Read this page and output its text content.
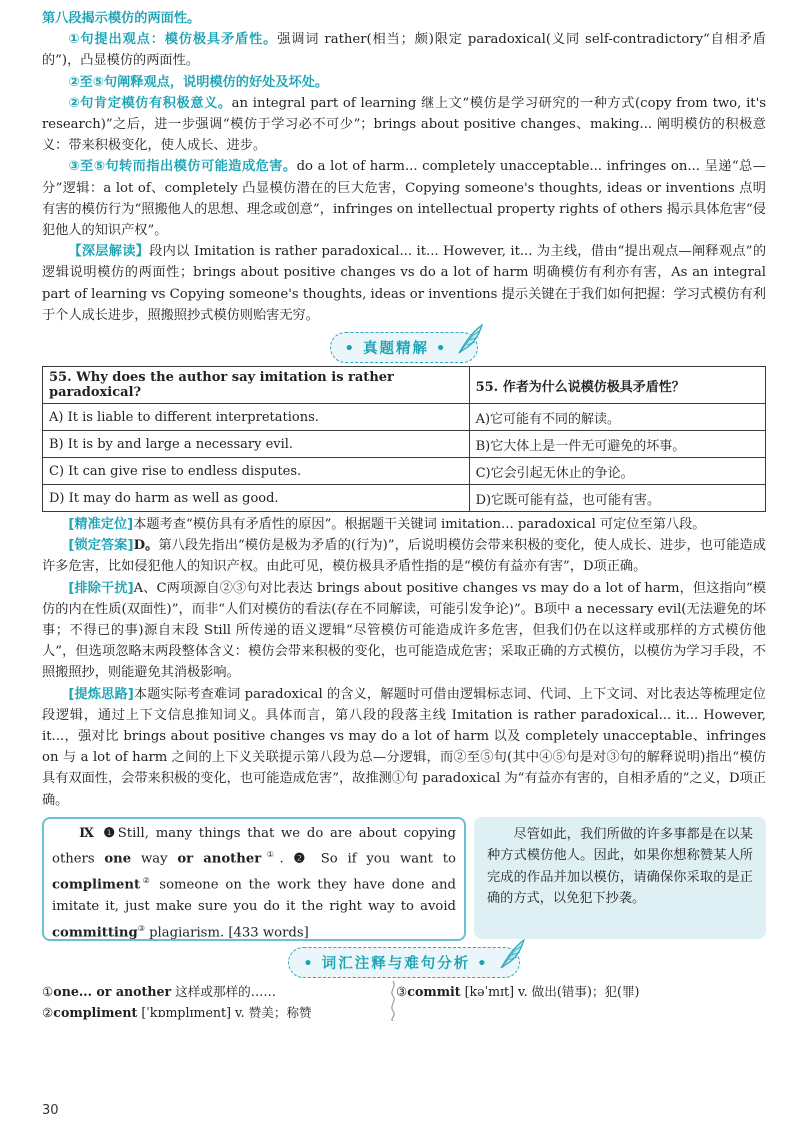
第八段揭示模仿的两面性。

①句提出观点：模仿极具矛盾性。强调词 rather(相当；颇)限定 paradoxical(义同 self-contradictory“自相矛盾的”)，凸显模仿的两面性。

②至⑤句阐释观点，说明模仿的好处及坏处。

②句肯定模仿有积极意义。an integral part of learning 继上文“模仿是学习研究的一种方式(copy from two, it's research)”之后，进一步强调“模仿于学习必不可少”；brings about positive changes、making... 阐明模仿的积极意义：带来积极变化，使人成长、进步。

③至⑤句转而指出模仿可能造成危害。do a lot of harm... completely unacceptable... infringes on... 呈递“总—分”逻辑：a lot of、completely 凸显模仿潜在的巨大危害，Copying someone's thoughts, ideas or inventions 点明有害的模仿行为“照搬他人的思想、理念或创意”，infringes on intellectual property rights of others 揭示具体危害“侵犯他人的知识产权”。

【深层解读】段内以 Imitation is rather paradoxical... it... However, it... 为主线，借由“提出观点—阐释观点”的逻辑说明模仿的两面性；brings about positive changes vs do a lot of harm 明确模仿有利亦有害，As an integral part of learning vs Copying someone's thoughts, ideas or inventions 提示关键在于我们如何把握：学习式模仿有利于个人成长进步，照搬照抄式模仿则贻害无穷。

• 真题精解 •
55. Why does the author say imitation is rather paradoxical?	55. 作者为什么说模仿极具矛盾性？
A) It is liable to different interpretations.	A)它可能有不同的解读。
B) It is by and large a necessary evil.	B)它大体上是一件无可避免的坏事。
C) It can give rise to endless disputes.	C)它会引起无休止的争论。
D) It may do harm as well as good.	D)它既可能有益，也可能有害。

[精准定位]本题考查“模仿具有矛盾性的原因”。根据题干关键词 imitation... paradoxical 可定位至第八段。

[锁定答案]D。第八段先指出“模仿是极为矛盾的(行为)”，后说明模仿会带来积极的变化，使人成长、进步，也可能造成许多危害，比如侵犯他人的知识产权。由此可见，模仿极具矛盾性指的是“模仿有益亦有害”，D项正确。

[排除干扰]A、C两项源自②③句对比表达 brings about positive changes vs may do a lot of harm，但这指向“模仿的内在性质(双面性)”，而非“人们对模仿的看法(存在不同解读，可能引发争论)”。B项中 a necessary evil(无法避免的坏事；不得已的事)源自末段 Still 所传递的语义逻辑“尽管模仿可能造成许多危害，但我们仍在以这样或那样的方式模仿他人”，但选项忽略末两段整体含义：模仿会带来积极的变化，也可能造成危害；采取正确的方式模仿，以模仿为学习手段，不照搬照抄，则能避免其消极影响。

[提炼思路]本题实际考查难词 paradoxical 的含义，解题时可借由逻辑标志词、代词、上下文词、对比表达等梳理定位段逻辑，通过上下文信息推知词义。具体而言，第八段的段落主线 Imitation is rather paradoxical... it... However, it...，强对比 brings about positive changes vs may do a lot of harm 以及 completely unacceptable、infringes on 与 a lot of harm 之间的上下义关联提示第八段为总—分逻辑，而②至⑤句(其中④⑤句是对③句的解释说明)指出“模仿具有双面性，会带来积极的变化，也可能造成危害”，故推测①句 paradoxical 为“有益亦有害的，自相矛盾的”之义，D项正确。

Ⅸ ❶Still, many things that we do are about copying others one way or another①. ❷ So if you want to compliment② someone on the work they have done and imitate it, just make sure you do it the right way to avoid committing③ plagiarism. [433 words]
尽管如此，我们所做的许多事都是在以某种方式模仿他人。因此，如果你想称赞某人所完成的作品并加以模仿，请确保你采取的是正确的方式，以免犯下抄袭。
• 词汇注释与难句分析 •
①one... or another 这样或那样的……
②compliment [ˈkɒmplɪment] v. 赞美；称赞
③commit [kəˈmɪt] v. 做出(错事)；犯(罪)
30
